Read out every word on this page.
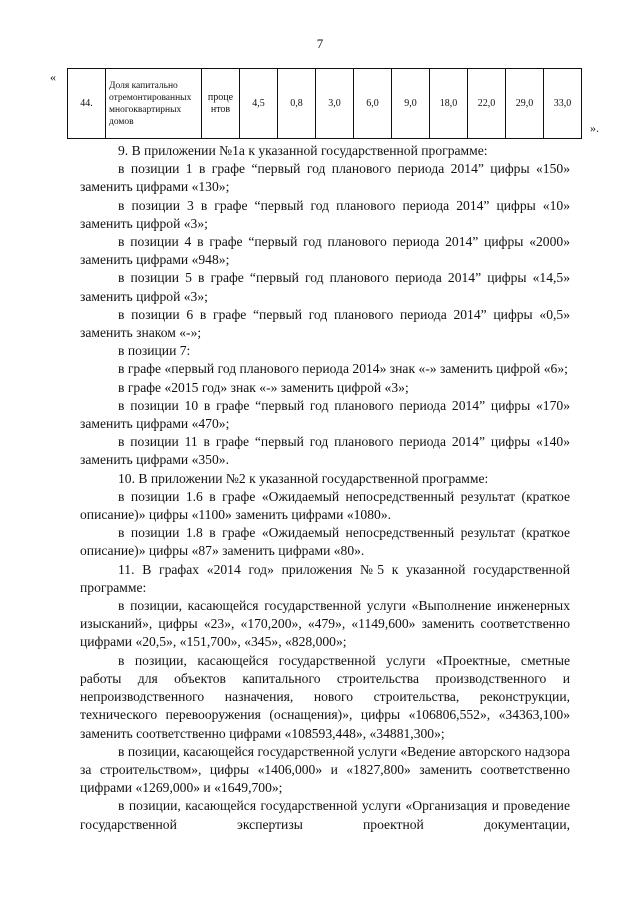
7
«
».
44.	Доля капитально отремонтированных многоквартирных домов	проце нтов	4,5	0,8	3,0	6,0	9,0	18,0	22,0	29,0	33,0

9. В приложении №1а к указанной государственной программе:

в позиции 1 в графе “первый год планового периода 2014” цифры «150» заменить цифрами «130»;

в позиции 3 в графе “первый год планового периода 2014” цифры «10» заменить цифрой «3»;

в позиции 4 в графе “первый год планового периода 2014” цифры «2000» заменить цифрами «948»;

в позиции 5 в графе “первый год планового периода 2014” цифры «14,5» заменить цифрой «3»;

в позиции 6 в графе “первый год планового периода 2014” цифры «0,5» заменить знаком «-»;

в позиции 7:

в графе «первый год планового периода 2014» знак «-» заменить цифрой «6»;

в графе «2015 год» знак «-» заменить цифрой «3»;

в позиции 10 в графе “первый год планового периода 2014” цифры «170» заменить цифрами «470»;

в позиции 11 в графе “первый год планового периода 2014” цифры «140» заменить цифрами «350».

10. В приложении №2 к указанной государственной программе:

в позиции 1.6 в графе «Ожидаемый непосредственный результат (краткое описание)» цифры «1100» заменить цифрами «1080».

в позиции 1.8 в графе «Ожидаемый непосредственный результат (краткое описание)» цифры «87» заменить цифрами «80».

11. В графах «2014 год» приложения №5 к указанной государственной программе:

в позиции, касающейся государственной услуги «Выполнение инженерных изысканий», цифры «23», «170,200», «479», «1149,600» заменить соответственно цифрами «20,5», «151,700», «345», «828,000»;

в позиции, касающейся государственной услуги «Проектные, сметные работы для объектов капитального строительства производственного и непроизводственного назначения, нового строительства, реконструкции, технического перевооружения (оснащения)», цифры «106806,552», «34363,100» заменить соответственно цифрами «108593,448», «34881,300»;

в позиции, касающейся государственной услуги «Ведение авторского надзора за строительством», цифры «1406,000» и «1827,800» заменить соответственно цифрами «1269,000» и «1649,700»;

в позиции, касающейся государственной услуги «Организация и проведение государственной экспертизы проектной документации,
